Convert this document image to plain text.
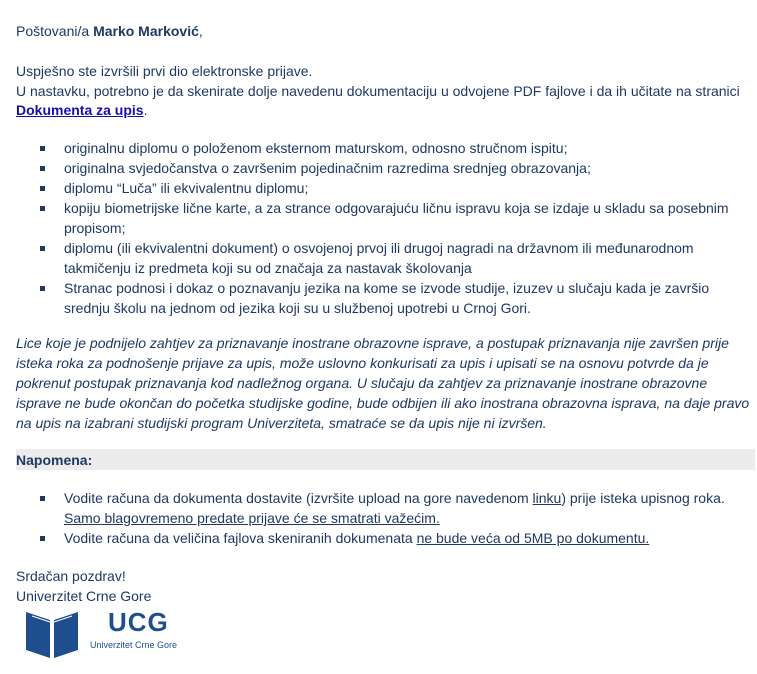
Poštovani/a Marko Marković,
Uspješno ste izvršili prvi dio elektronske prijave.
U nastavku, potrebno je da skenirate dolje navedenu dokumentaciju u odvojene PDF fajlove i da ih učitate na stranici
Dokumenta za upis.
originalnu diplomu o položenom eksternom maturskom, odnosno stručnom ispitu;
originalna svjedočanstva o završenim pojedinačnim razredima srednjeg obrazovanja;
diplomu “Luča” ili ekvivalentnu diplomu;
kopiju biometrijske lične karte, a za strance odgovarajuću ličnu ispravu koja se izdaje u skladu sa posebnim propisom;
diplomu (ili ekvivalentni dokument) o osvojenoj prvoj ili drugoj nagradi na državnom ili međunarodnom takmičenju iz predmeta koji su od značaja za nastavak školovanja
Stranac podnosi i dokaz o poznavanju jezika na kome se izvode studije, izuzev u slučaju kada je završio srednju školu na jednom od jezika koji su u službenoj upotrebi u Crnoj Gori.
Lice koje je podnijelo zahtjev za priznavanje inostrane obrazovne isprave, a postupak priznavanja nije završen prije isteka roka za podnošenje prijave za upis, može uslovno konkurisati za upis i upisati se na osnovu potvrde da je pokrenut postupak priznavanja kod nadležnog organa. U slučaju da zahtjev za priznavanje inostrane obrazovne isprave ne bude okončan do početka studijske godine, bude odbijen ili ako inostrana obrazovna isprava, na daje pravo na upis na izabrani studijski program Univerziteta, smatraće se da upis nije ni izvršen.
Napomena:
Vodite računa da dokumenta dostavite (izvršite upload na gore navedenom linku) prije isteka upisnog roka.
Samo blagovremeno predate prijave će se smatrati važećim.
Vodite računa da veličina fajlova skeniranih dokumenata ne bude veća od 5MB po dokumentu.
Srdačan pozdrav!
Univerzitet Crne Gore
UCG
Univerzitet Crne Gore
